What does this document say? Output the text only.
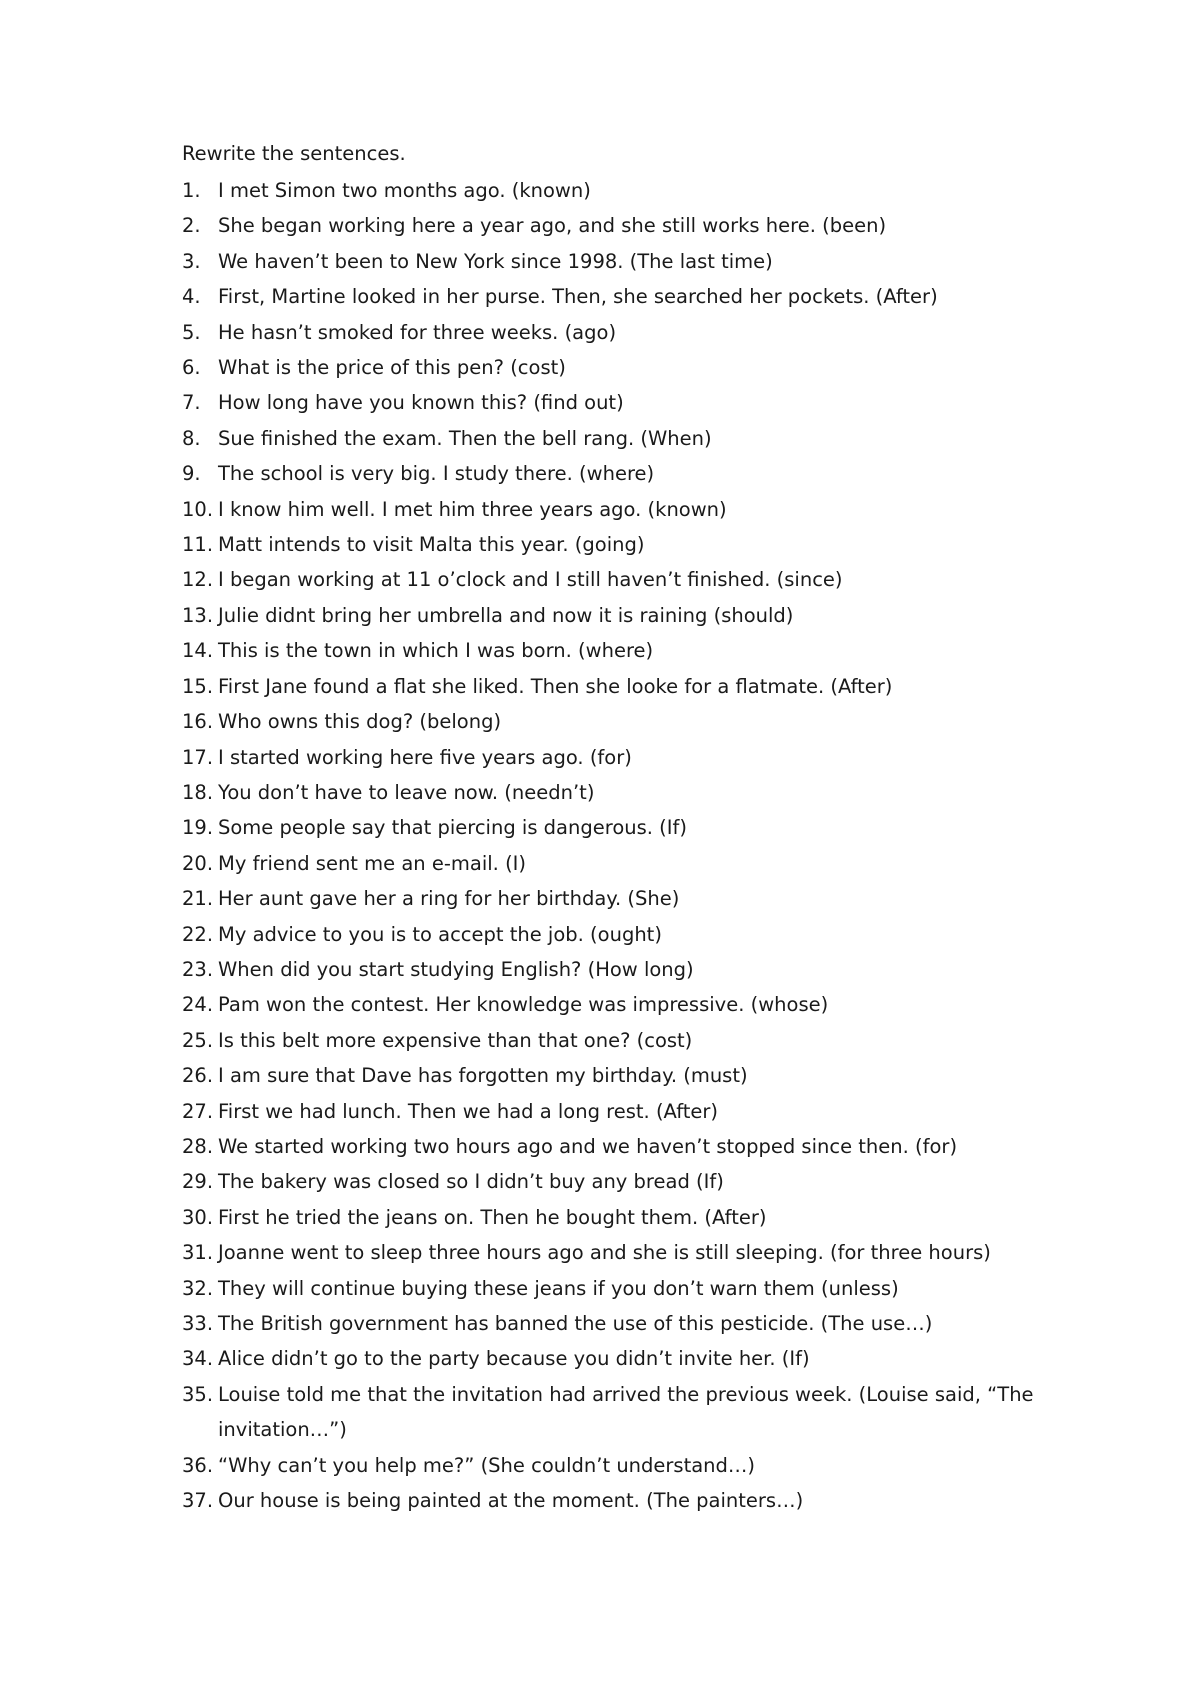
Rewrite the sentences.

1. I met Simon two months ago. (known)
2. She began working here a year ago, and she still works here. (been)
3. We haven’t been to New York since 1998. (The last time)
4. First, Martine looked in her purse. Then, she searched her pockets. (After)
5. He hasn’t smoked for three weeks. (ago)
6. What is the price of this pen? (cost)
7. How long have you known this? (find out)
8. Sue finished the exam. Then the bell rang. (When)
9. The school is very big. I study there. (where)
10. I know him well. I met him three years ago. (known)
11. Matt intends to visit Malta this year. (going)
12. I began working at 11 o’clock and I still haven’t finished. (since)
13. Julie didnt bring her umbrella and now it is raining (should)
14. This is the town in which I was born. (where)
15. First Jane found a flat she liked. Then she looke for a flatmate. (After)
16. Who owns this dog? (belong)
17. I started working here five years ago. (for)
18. You don’t have to leave now. (needn’t)
19. Some people say that piercing is dangerous. (If)
20. My friend sent me an e-mail. (I)
21. Her aunt gave her a ring for her birthday. (She)
22. My advice to you is to accept the job. (ought)
23. When did you start studying English? (How long)
24. Pam won the contest. Her knowledge was impressive. (whose)
25. Is this belt more expensive than that one? (cost)
26. I am sure that Dave has forgotten my birthday. (must)
27. First we had lunch. Then we had a long rest. (After)
28. We started working two hours ago and we haven’t stopped since then. (for)
29. The bakery was closed so I didn’t buy any bread (If)
30. First he tried the jeans on. Then he bought them. (After)
31. Joanne went to sleep three hours ago and she is still sleeping. (for three hours)
32. They will continue buying these jeans if you don’t warn them (unless)
33. The British government has banned the use of this pesticide. (The use…)
34. Alice didn’t go to the party because you didn’t invite her. (If)
35. Louise told me that the invitation had arrived the previous week. (Louise said, “The invitation…”)
36. “Why can’t you help me?” (She couldn’t understand…)
37. Our house is being painted at the moment. (The painters…)
